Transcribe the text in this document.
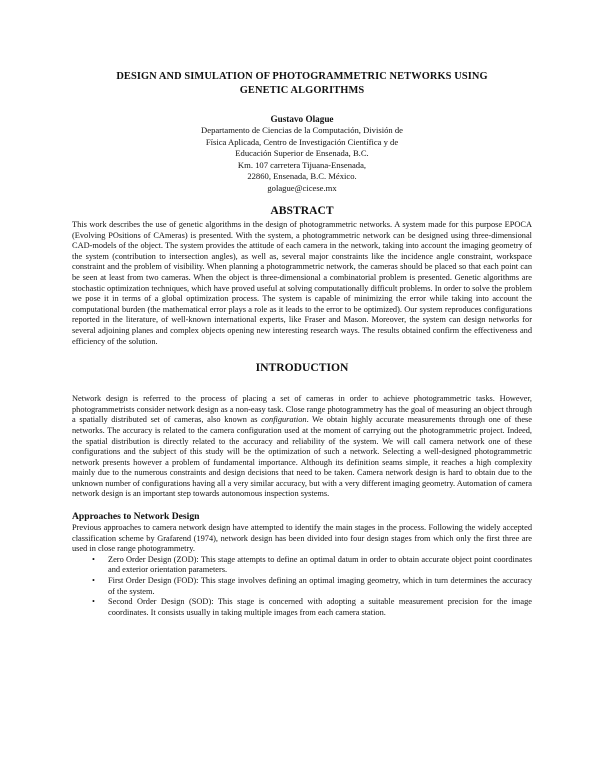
DESIGN AND SIMULATION OF PHOTOGRAMMETRIC NETWORKS USING
GENETIC ALGORITHMS
Gustavo Olague
Departamento de Ciencias de la Computación, División de
Física Aplicada, Centro de Investigación Científica y de
Educación Superior de Ensenada, B.C.
Km. 107 carretera Tijuana-Ensenada,
22860, Ensenada, B.C. México.
golague@cicese.mx
ABSTRACT

This work describes the use of genetic algorithms in the design of photogrammetric networks. A system made for this purpose EPOCA (Evolving POsitions of CAmeras) is presented. With the system, a photogrammetric network can be designed using three-dimensional CAD-models of the object. The system provides the attitude of each camera in the network, taking into account the imaging geometry of the system (contribution to intersection angles), as well as, several major constraints like the incidence angle constraint, workspace constraint and the problem of visibility. When planning a photogrammetric network, the cameras should be placed so that each point can be seen at least from two cameras. When the object is three-dimensional a combinatorial problem is presented. Genetic algorithms are stochastic optimization techniques, which have proved useful at solving computationally difficult problems. In order to solve the problem we pose it in terms of a global optimization process. The system is capable of minimizing the error while taking into account the computational burden (the mathematical error plays a role as it leads to the error to be optimized). Our system reproduces configurations reported in the literature, of well-known international experts, like Fraser and Mason. Moreover, the system can design networks for several adjoining planes and complex objects opening new interesting research ways. The results obtained confirm the effectiveness and efficiency of the solution.

INTRODUCTION

Network design is referred to the process of placing a set of cameras in order to achieve photogrammetric tasks. However, photogrammetrists consider network design as a non-easy task. Close range photogrammetry has the goal of measuring an object through a spatially distributed set of cameras, also known as configuration. We obtain highly accurate measurements through one of these networks. The accuracy is related to the camera configuration used at the moment of carrying out the photogrammetric project. Indeed, the spatial distribution is directly related to the accuracy and reliability of the system. We will call camera network one of these configurations and the subject of this study will be the optimization of such a network. Selecting a well-designed photogrammetric network presents however a problem of fundamental importance. Although its definition seams simple, it reaches a high complexity mainly due to the numerous constraints and design decisions that need to be taken. Camera network design is hard to obtain due to the unknown number of configurations having all a very similar accuracy, but with a very different imaging geometry. Automation of camera network design is an important step towards autonomous inspection systems.

Approaches to Network Design

Previous approaches to camera network design have attempted to identify the main stages in the process. Following the widely accepted classification scheme by Grafarend (1974), network design has been divided into four design stages from which only the first three are used in close range photogrammetry.

• Zero Order Design (ZOD): This stage attempts to define an optimal datum in order to obtain accurate object point coordinates and exterior orientation parameters.
• First Order Design (FOD): This stage involves defining an optimal imaging geometry, which in turn determines the accuracy of the system.
• Second Order Design (SOD): This stage is concerned with adopting a suitable measurement precision for the image coordinates. It consists usually in taking multiple images from each camera station.
